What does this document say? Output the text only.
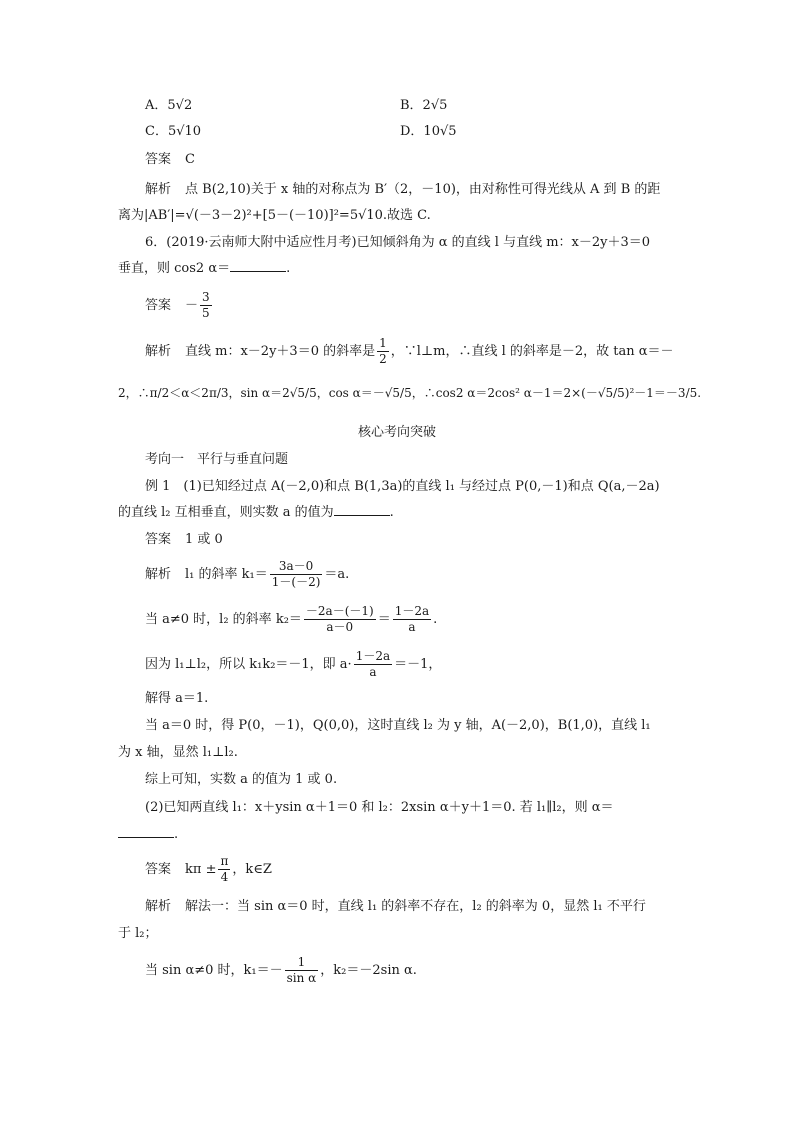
A．5√2	B．2√5
C．5√10	D．10√5
答案 C
解析 点 B(2,10)关于 x 轴的对称点为 B′（2，－10)，由对称性可得光线从 A 到 B 的距
离为|AB′|=√(－3－2)²+[5－(－10)]²=5√10.故选 C.
6．(2019·云南师大附中适应性月考)已知倾斜角为 α 的直线 l 与直线 m：x－2y＋3＝0
垂直，则 cos2 α＝	.
答案 － $\frac{3}{5}$
解析 直线 m：x－2y＋3＝0 的斜率是 $\frac{1}{2}$ ，∵l⊥m，∴直线 l 的斜率是－2，故 tan α＝－
2，∴π/2＜α＜2π/3，sin α＝2√5/5，cos α＝－√5/5，∴cos2 α＝2cos² α－1＝2×(－√5/5)²－1＝－3/5.
核心考向突破
考向一　平行与垂直问题
例 1　(1)已知经过点 A(－2,0)和点 B(1,3a)的直线 l₁ 与经过点 P(0,－1)和点 Q(a,－2a)
的直线 l₂ 互相垂直，则实数 a 的值为	.
答案 1 或 0
解析 l₁ 的斜率 $k_1= \frac{3a-0}{1-(-2)} =a$.
当 a≠0 时，l₂ 的斜率 $k_2= \frac{-2a-(-1)}{a-0} = \frac{1-2a}{a}$ .
因为 l₁⊥l₂，所以 k₁k₂＝－1，即 $a\cdot \frac{1-2a}{a} =-1$，
解得 a＝1.
当 a＝0 时，得 P(0，－1)，Q(0,0)，这时直线 l₂ 为 y 轴，A(－2,0)，B(1,0)，直线 l₁
为 x 轴，显然 l₁⊥l₂.
综上可知，实数 a 的值为 1 或 0.
(2)已知两直线 l₁：x＋ysin α＋1＝0 和 l₂：2xsin α＋y＋1＝0. 若 l₁∥l₂，则 α＝
.
答案 $k\pi \pm \frac{\pi}{4}$ ，k∈Z
解析 解法一：当 sin α＝0 时，直线 l₁ 的斜率不存在，l₂ 的斜率为 0，显然 l₁ 不平行
于 l₂；
当 sin α≠0 时，$k_1=- \frac{1}{\text{sin α}}$ ，k₂＝－2sin α.
